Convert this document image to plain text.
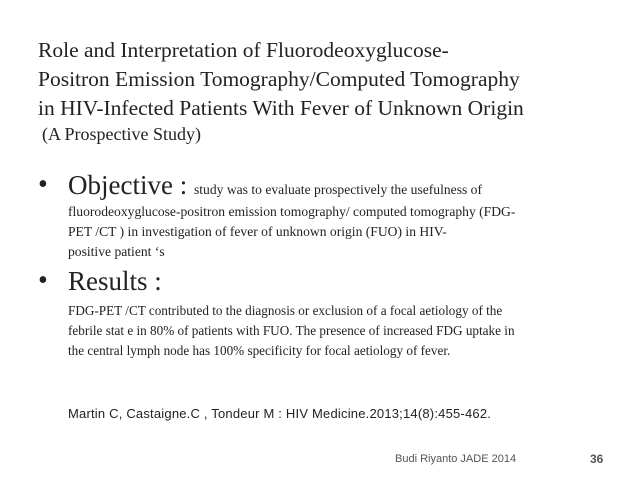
Role and Interpretation of Fluorodeoxyglucose-
Positron Emission Tomography/Computed Tomography
in HIV-Infected Patients With Fever of Unknown Origin
(A Prospective Study)
• Objective : study was to evaluate prospectively the usefulness of
fluorodeoxyglucose-positron emission tomography/ computed tomography (FDG-
PET /CT ) in investigation of fever of unknown origin (FUO) in HIV-
positive patient ‘s
• Results :
FDG-PET /CT contributed to the diagnosis or exclusion of a focal aetiology of the
febrile stat e in 80% of patients with FUO. The presence of increased FDG uptake in
the central lymph node has 100% specificity for focal aetiology of fever.
Martin C, Castaigne.C , Tondeur M : HIV Medicine.2013;14(8):455-462.
Budi Riyanto JADE 2014	36
